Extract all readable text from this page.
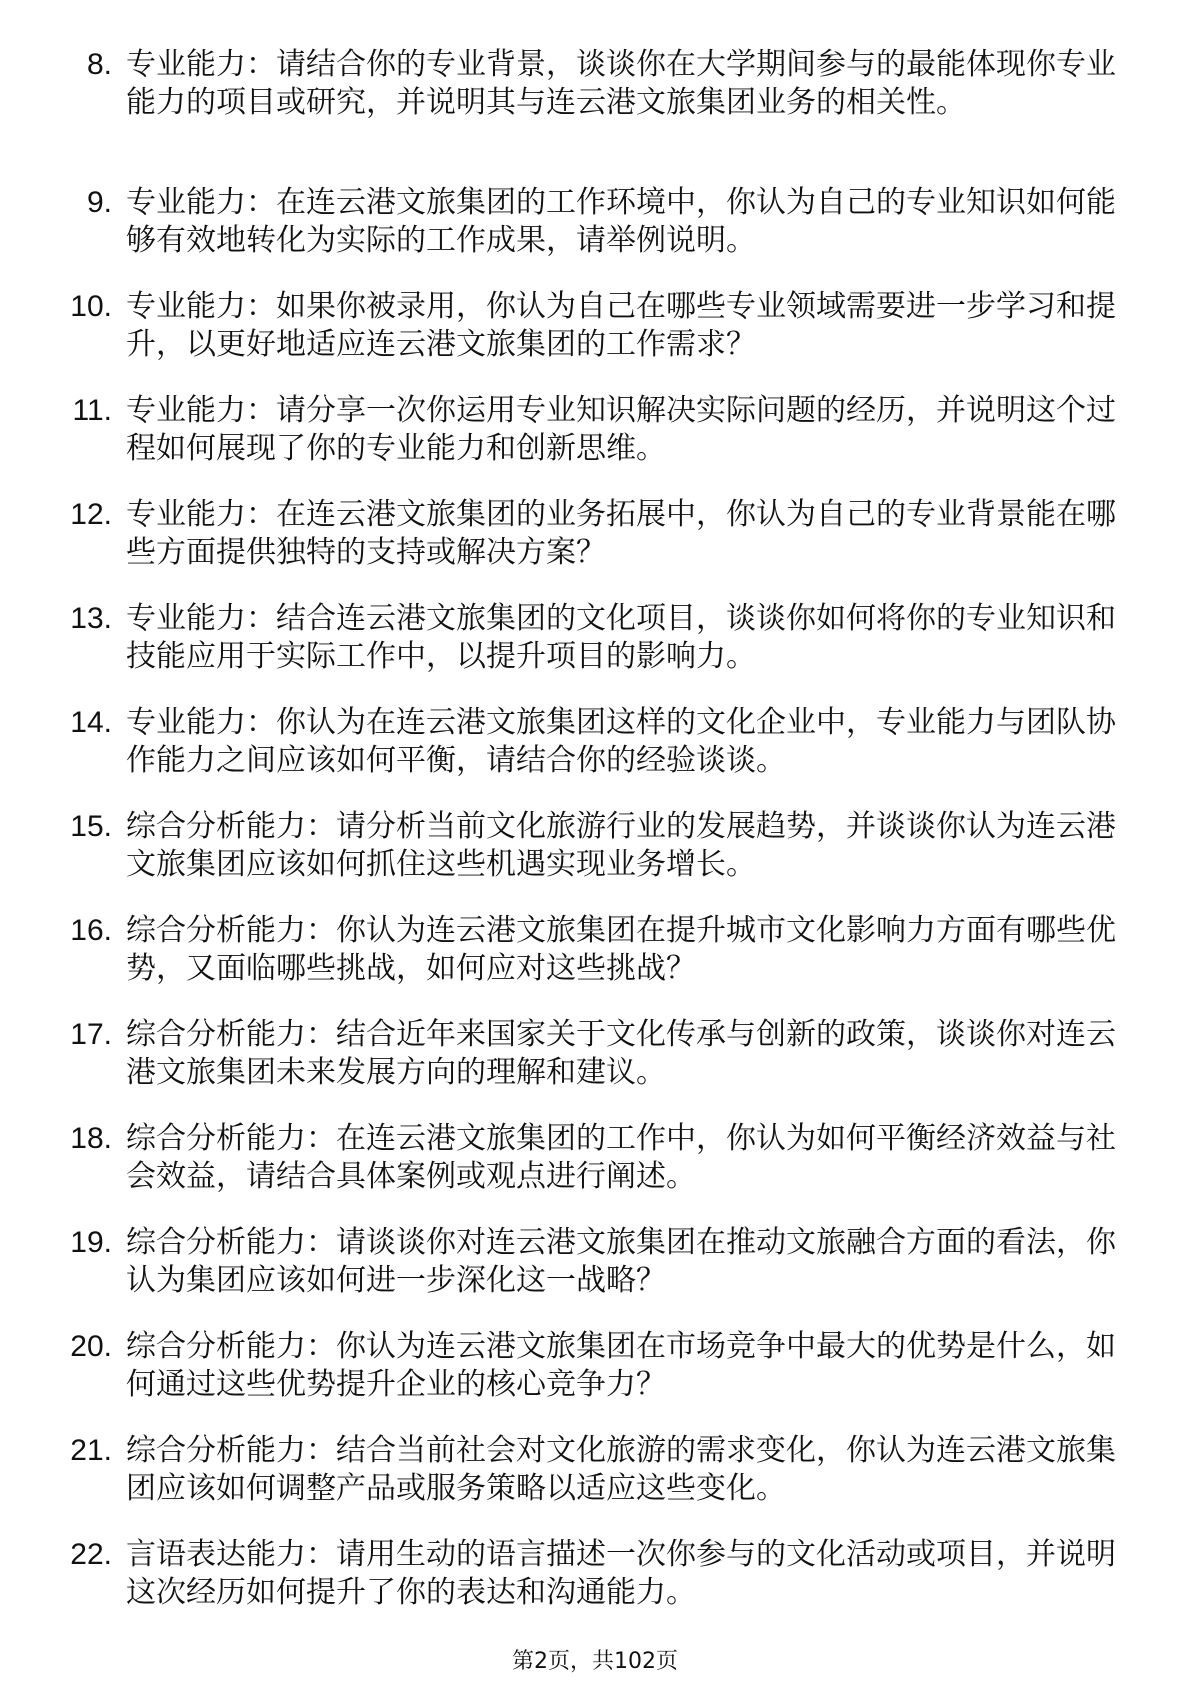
8. 专业能力：请结合你的专业背景，谈谈你在大学期间参与的最能体现你专业能力的项目或研究，并说明其与连云港文旅集团业务的相关性。
9. 专业能力：在连云港文旅集团的工作环境中，你认为自己的专业知识如何能够有效地转化为实际的工作成果，请举例说明。
10. 专业能力：如果你被录用，你认为自己在哪些专业领域需要进一步学习和提升，以更好地适应连云港文旅集团的工作需求？
11. 专业能力：请分享一次你运用专业知识解决实际问题的经历，并说明这个过程如何展现了你的专业能力和创新思维。
12. 专业能力：在连云港文旅集团的业务拓展中，你认为自己的专业背景能在哪些方面提供独特的支持或解决方案？
13. 专业能力：结合连云港文旅集团的文化项目，谈谈你如何将你的专业知识和技能应用于实际工作中，以提升项目的影响力。
14. 专业能力：你认为在连云港文旅集团这样的文化企业中，专业能力与团队协作能力之间应该如何平衡，请结合你的经验谈谈。
15. 综合分析能力：请分析当前文化旅游行业的发展趋势，并谈谈你认为连云港文旅集团应该如何抓住这些机遇实现业务增长。
16. 综合分析能力：你认为连云港文旅集团在提升城市文化影响力方面有哪些优势，又面临哪些挑战，如何应对这些挑战？
17. 综合分析能力：结合近年来国家关于文化传承与创新的政策，谈谈你对连云港文旅集团未来发展方向的理解和建议。
18. 综合分析能力：在连云港文旅集团的工作中，你认为如何平衡经济效益与社会效益，请结合具体案例或观点进行阐述。
19. 综合分析能力：请谈谈你对连云港文旅集团在推动文旅融合方面的看法，你认为集团应该如何进一步深化这一战略？
20. 综合分析能力：你认为连云港文旅集团在市场竞争中最大的优势是什么，如何通过这些优势提升企业的核心竞争力？
21. 综合分析能力：结合当前社会对文化旅游的需求变化，你认为连云港文旅集团应该如何调整产品或服务策略以适应这些变化。
22. 言语表达能力：请用生动的语言描述一次你参与的文化活动或项目，并说明这次经历如何提升了你的表达和沟通能力。
第2页，共102页
